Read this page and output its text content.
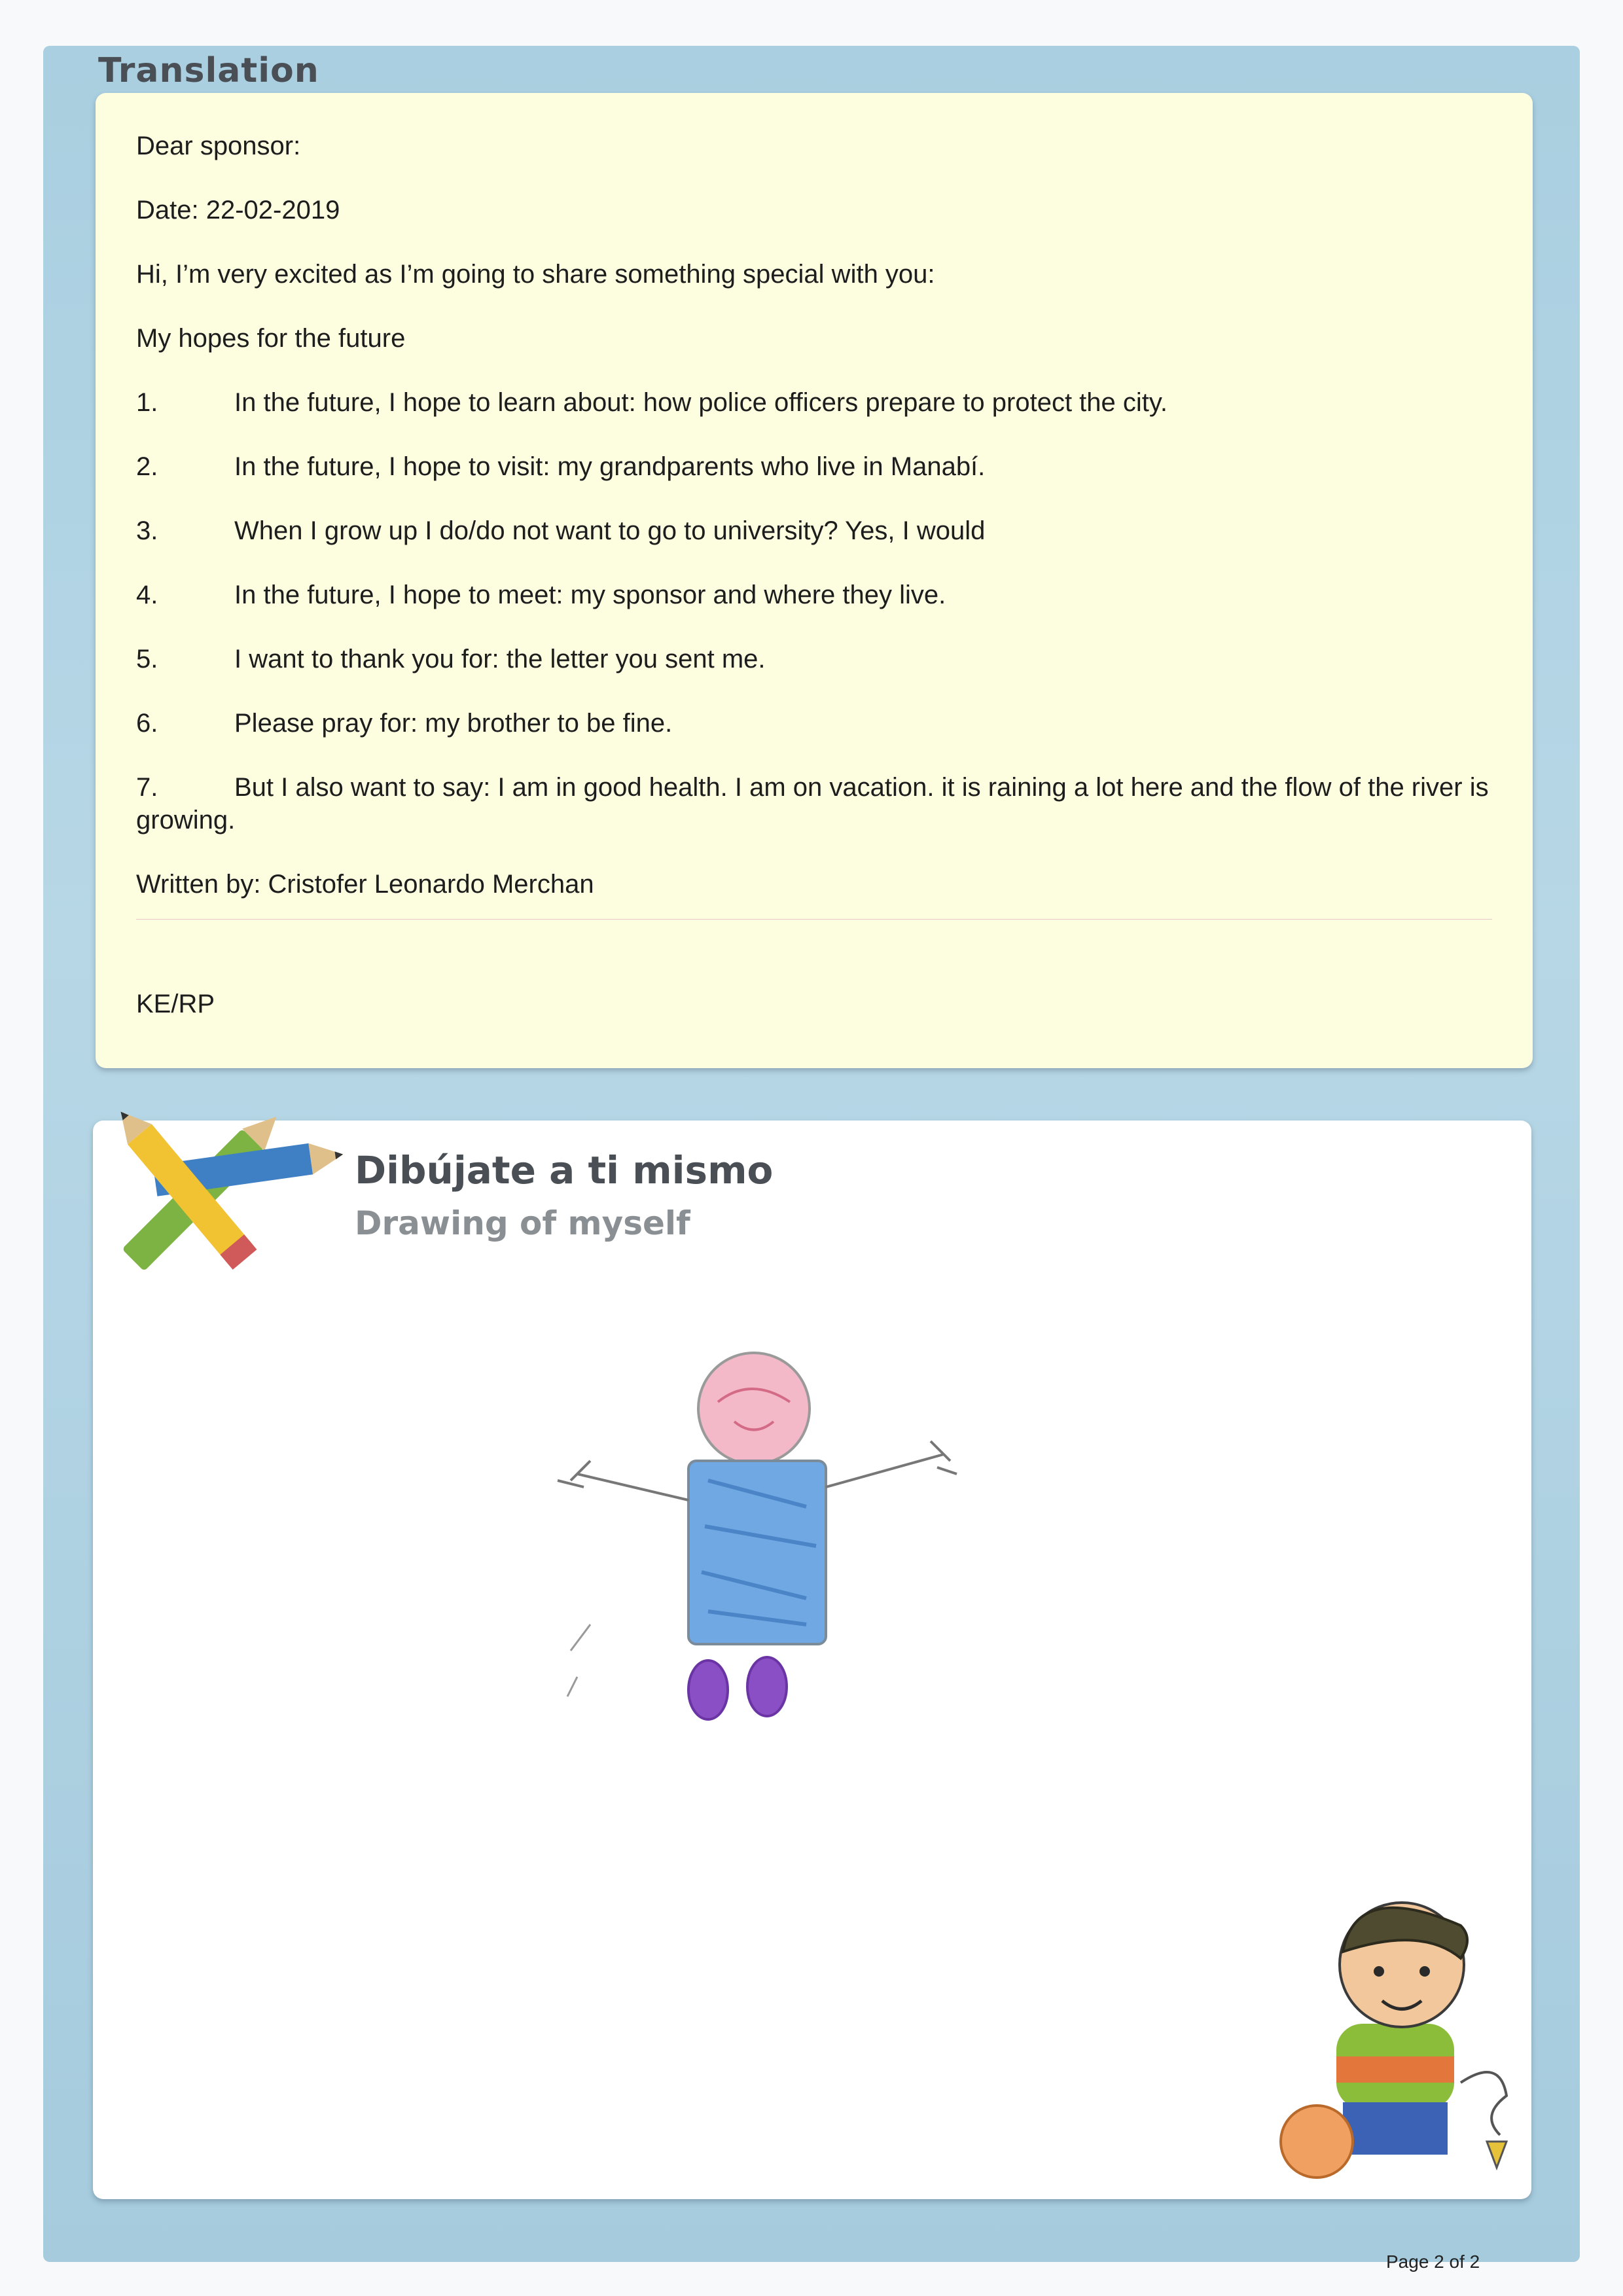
Translation

Dear sponsor:

Date: 22-02-2019

Hi, I’m very excited as I’m going to share something special with you:

My hopes for the future

1.	In the future, I hope to learn about: how police officers prepare to protect the city.

2.	In the future, I hope to visit: my grandparents who live in Manabí.

3.	When I grow up I do/do not want to go to university? Yes, I would

4.	In the future, I hope to meet: my sponsor and where they live.

5.	I want to thank you for: the letter you sent me.

6.	Please pray for: my brother to be fine.

7.	But I also want to say: I am in good health. I am on vacation. it is raining a lot here and the flow of the river is growing.

Written by: Cristofer Leonardo Merchan

KE/RP
Dibújate a ti mismo
Drawing of myself
Page 2 of 2
